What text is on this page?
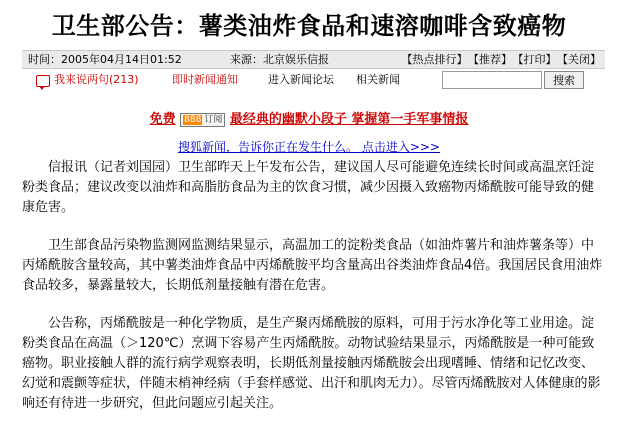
卫生部公告：薯类油炸食品和速溶咖啡含致癌物
时间：2005年04月14日01:52	来源：北京娱乐信报	【热点排行】 【推荐】 【打印】 【关闭】
我来说两句(213)	即时新闻通知	进入新闻论坛 相关新闻	搜索
免费 888 订阅 最经典的幽默小段子 掌握第一手军事情报
搜狐新闻，告诉你正在发生什么。 点击进入>>>

信报讯（记者刘国园）卫生部昨天上午发布公告，建议国人尽可能避免连续长时间或高温烹饪淀粉类食品；建议改变以油炸和高脂肪食品为主的饮食习惯，减少因摄入致癌物丙烯酰胺可能导致的健康危害。

卫生部食品污染物监测网监测结果显示，高温加工的淀粉类食品（如油炸薯片和油炸薯条等）中丙烯酰胺含量较高，其中薯类油炸食品中丙烯酰胺平均含量高出谷类油炸食品4倍。我国居民食用油炸食品较多，暴露量较大，长期低剂量接触有潜在危害。

公告称，丙烯酰胺是一种化学物质，是生产聚丙烯酰胺的原料，可用于污水净化等工业用途。淀粉类食品在高温（＞120℃）烹调下容易产生丙烯酰胺。动物试验结果显示，丙烯酰胺是一种可能致癌物。职业接触人群的流行病学观察表明，长期低剂量接触丙烯酰胺会出现嗜睡、情绪和记忆改变、幻觉和震颤等症状，伴随末梢神经病（手套样感觉、出汗和肌肉无力）。尽管丙烯酰胺对人体健康的影响还有待进一步研究，但此问题应引起关注。
